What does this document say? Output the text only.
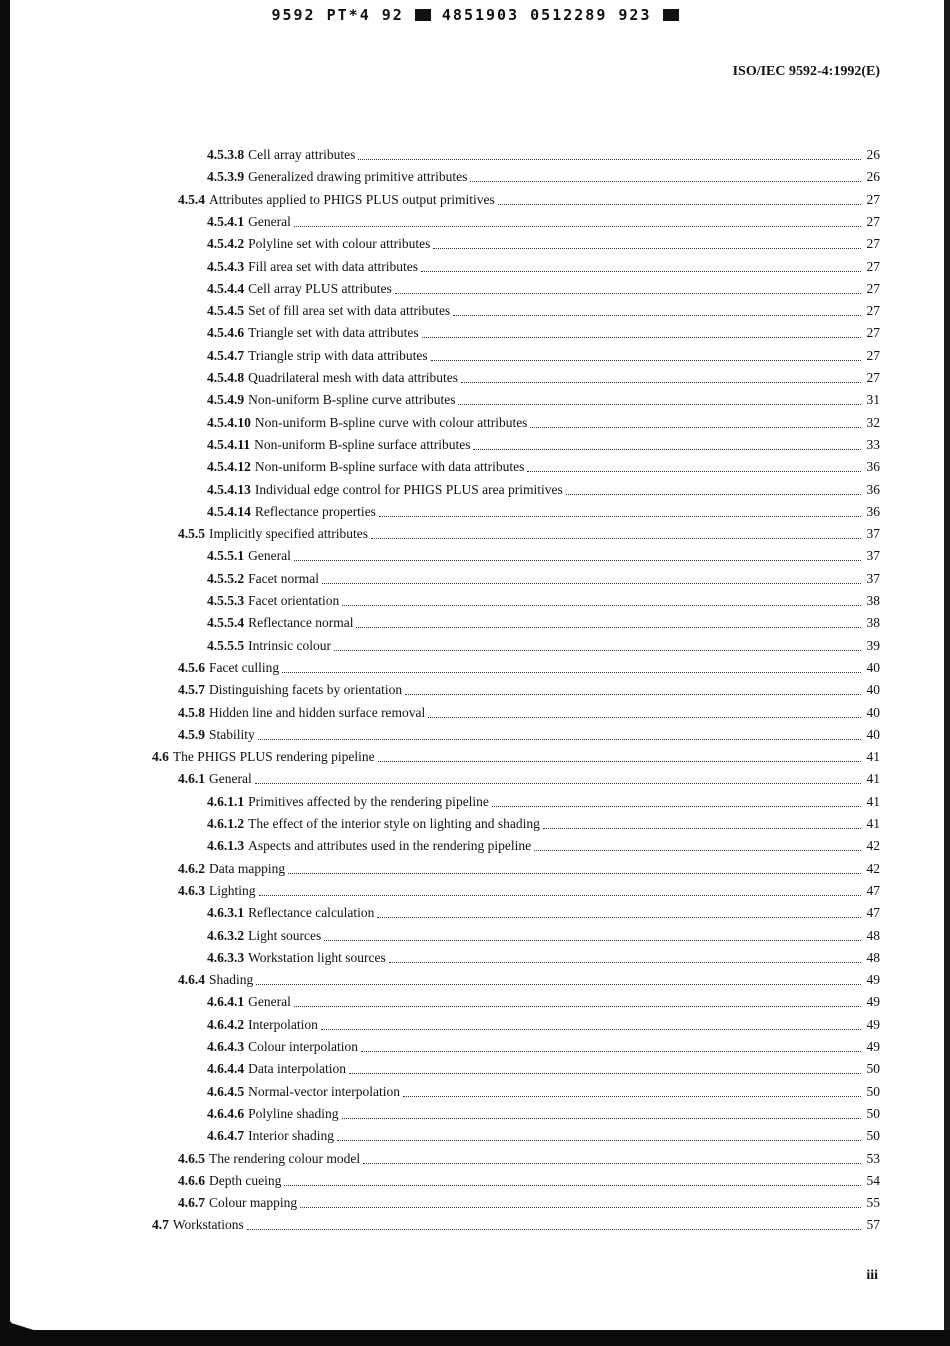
9592 PT*4 92	4851903 0512289 923
ISO/IEC 9592-4:1992(E)
4.5.3.8 Cell array attributes	26
4.5.3.9 Generalized drawing primitive attributes	26
4.5.4 Attributes applied to PHIGS PLUS output primitives	27
4.5.4.1 General	27
4.5.4.2 Polyline set with colour attributes	27
4.5.4.3 Fill area set with data attributes	27
4.5.4.4 Cell array PLUS attributes	27
4.5.4.5 Set of fill area set with data attributes	27
4.5.4.6 Triangle set with data attributes	27
4.5.4.7 Triangle strip with data attributes	27
4.5.4.8 Quadrilateral mesh with data attributes	27
4.5.4.9 Non-uniform B-spline curve attributes	31
4.5.4.10 Non-uniform B-spline curve with colour attributes	32
4.5.4.11 Non-uniform B-spline surface attributes	33
4.5.4.12 Non-uniform B-spline surface with data attributes	36
4.5.4.13 Individual edge control for PHIGS PLUS area primitives	36
4.5.4.14 Reflectance properties	36
4.5.5 Implicitly specified attributes	37
4.5.5.1 General	37
4.5.5.2 Facet normal	37
4.5.5.3 Facet orientation	38
4.5.5.4 Reflectance normal	38
4.5.5.5 Intrinsic colour	39
4.5.6 Facet culling	40
4.5.7 Distinguishing facets by orientation	40
4.5.8 Hidden line and hidden surface removal	40
4.5.9 Stability	40
4.6 The PHIGS PLUS rendering pipeline	41
4.6.1 General	41
4.6.1.1 Primitives affected by the rendering pipeline	41
4.6.1.2 The effect of the interior style on lighting and shading	41
4.6.1.3 Aspects and attributes used in the rendering pipeline	42
4.6.2 Data mapping	42
4.6.3 Lighting	47
4.6.3.1 Reflectance calculation	47
4.6.3.2 Light sources	48
4.6.3.3 Workstation light sources	48
4.6.4 Shading	49
4.6.4.1 General	49
4.6.4.2 Interpolation	49
4.6.4.3 Colour interpolation	49
4.6.4.4 Data interpolation	50
4.6.4.5 Normal-vector interpolation	50
4.6.4.6 Polyline shading	50
4.6.4.7 Interior shading	50
4.6.5 The rendering colour model	53
4.6.6 Depth cueing	54
4.6.7 Colour mapping	55
4.7 Workstations	57
iii
